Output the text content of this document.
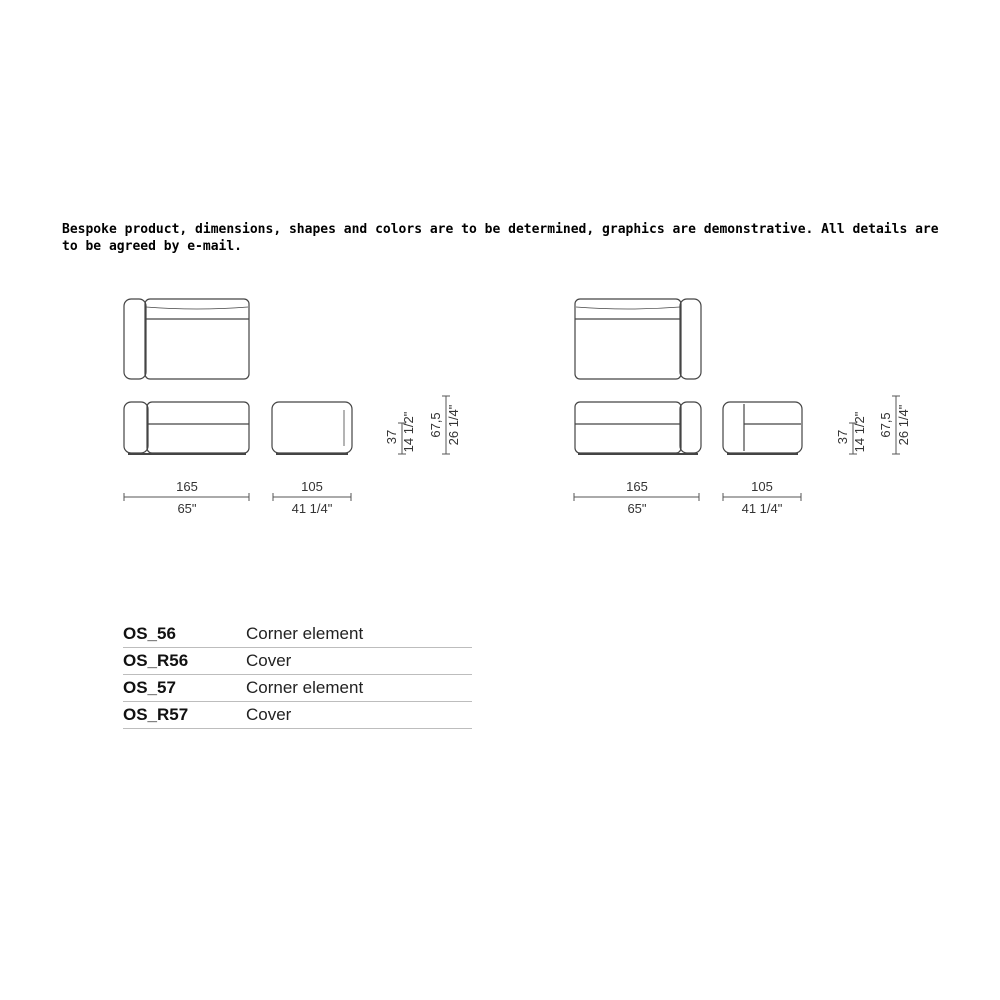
Bespoke product, dimensions, shapes and colors are to be determined, graphics are demonstrative. All details are to be agreed by e-mail.
165
65"
105
41 1/4"
37 14 1/2" 67,5 26 1/4"
165
65"
105
41 1/4"
37 14 1/2" 67,5 26 1/4"
OS_56	Corner element
OS_R56	Cover
OS_57	Corner element
OS_R57	Cover
